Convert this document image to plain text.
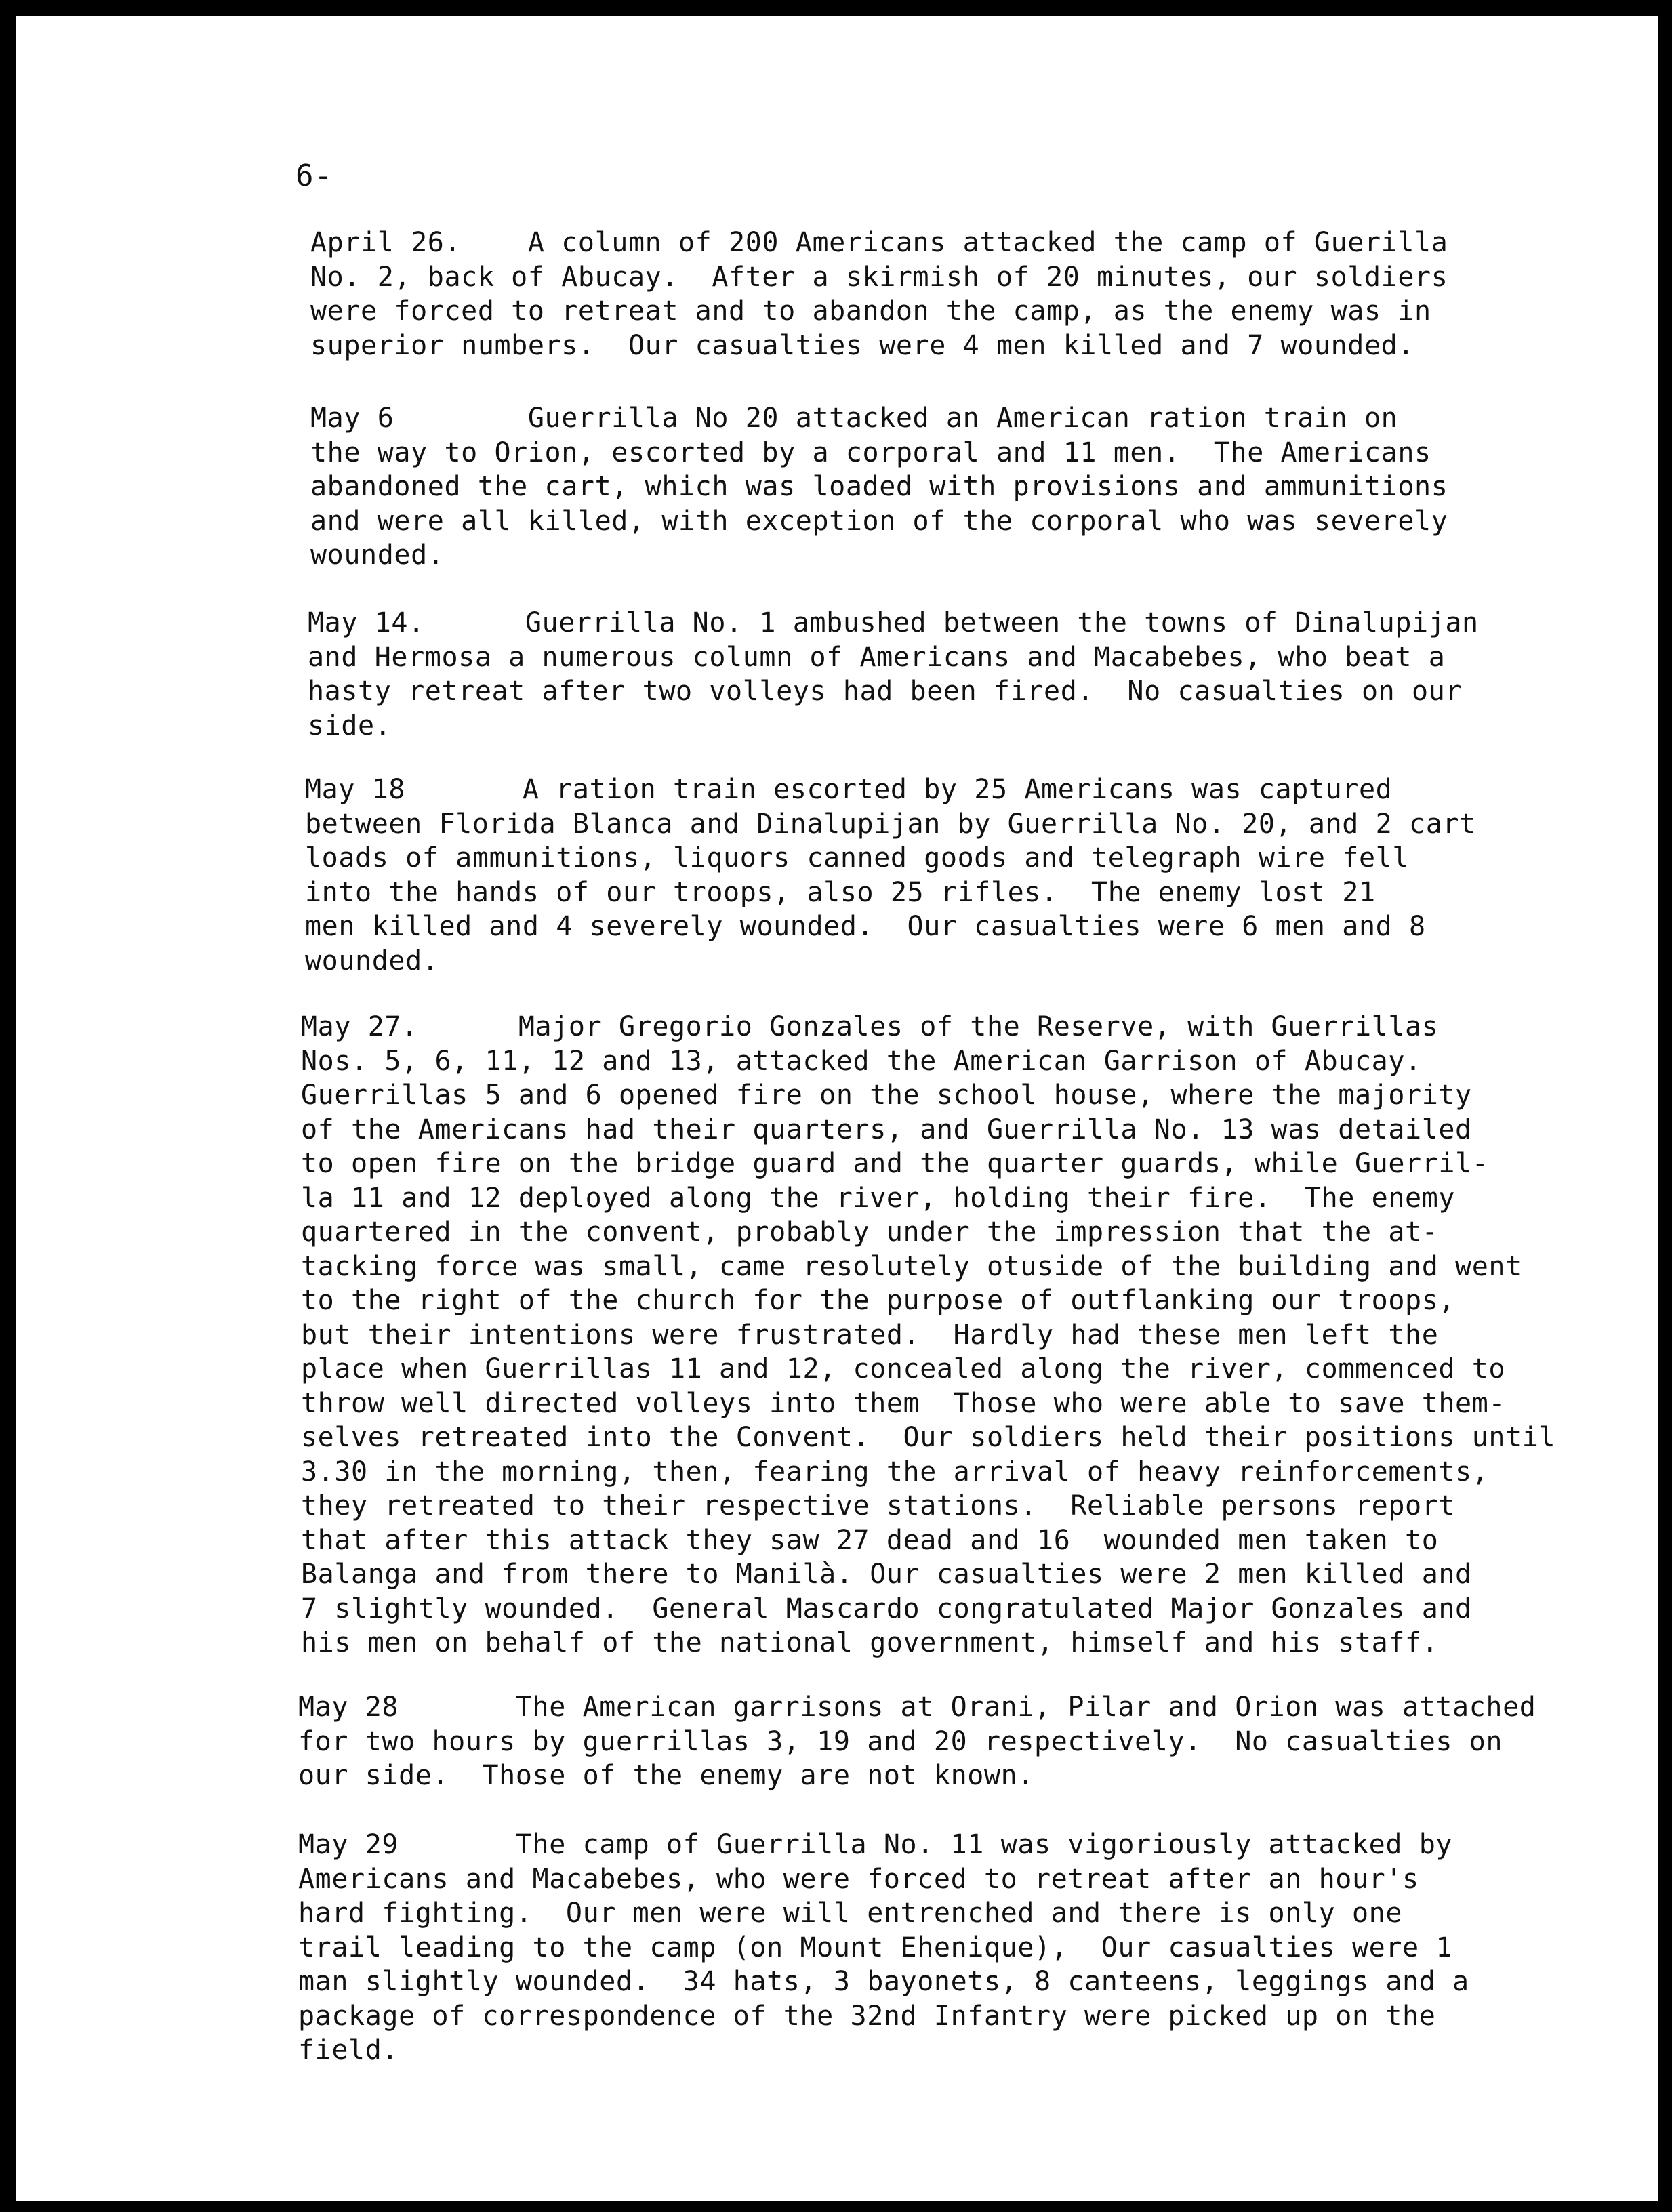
6-

April 26.    A column of 200 Americans attacked the camp of Guerilla
No. 2, back of Abucay.  After a skirmish of 20 minutes, our soldiers
were forced to retreat and to abandon the camp, as the enemy was in
superior numbers.  Our casualties were 4 men killed and 7 wounded.
May 6        Guerrilla No 20 attacked an American ration train on
the way to Orion, escorted by a corporal and 11 men.  The Americans
abandoned the cart, which was loaded with provisions and ammunitions
and were all killed, with exception of the corporal who was severely
wounded.
May 14.      Guerrilla No. 1 ambushed between the towns of Dinalupijan
and Hermosa a numerous column of Americans and Macabebes, who beat a
hasty retreat after two volleys had been fired.  No casualties on our
side.
May 18       A ration train escorted by 25 Americans was captured
between Florida Blanca and Dinalupijan by Guerrilla No. 20, and 2 cart
loads of ammunitions, liquors canned goods and telegraph wire fell
into the hands of our troops, also 25 rifles.  The enemy lost 21
men killed and 4 severely wounded.  Our casualties were 6 men and 8
wounded.
May 27.      Major Gregorio Gonzales of the Reserve, with Guerrillas
Nos. 5, 6, 11, 12 and 13, attacked the American Garrison of Abucay.
Guerrillas 5 and 6 opened fire on the school house, where the majority
of the Americans had their quarters, and Guerrilla No. 13 was detailed
to open fire on the bridge guard and the quarter guards, while Guerril-
la 11 and 12 deployed along the river, holding their fire.  The enemy
quartered in the convent, probably under the impression that the at-
tacking force was small, came resolutely otuside of the building and went
to the right of the church for the purpose of outflanking our troops,
but their intentions were frustrated.  Hardly had these men left the
place when Guerrillas 11 and 12, concealed along the river, commenced to
throw well directed volleys into them  Those who were able to save them-
selves retreated into the Convent.  Our soldiers held their positions until
3.30 in the morning, then, fearing the arrival of heavy reinforcements,
they retreated to their respective stations.  Reliable persons report
that after this attack they saw 27 dead and 16  wounded men taken to
Balanga and from there to Manilà. Our casualties were 2 men killed and
7 slightly wounded.  General Mascardo congratulated Major Gonzales and
his men on behalf of the national government, himself and his staff.
May 28       The American garrisons at Orani, Pilar and Orion was attached
for two hours by guerrillas 3, 19 and 20 respectively.  No casualties on
our side.  Those of the enemy are not known.
May 29       The camp of Guerrilla No. 11 was vigoriously attacked by
Americans and Macabebes, who were forced to retreat after an hour's
hard fighting.  Our men were will entrenched and there is only one
trail leading to the camp (on Mount Ehenique),  Our casualties were 1
man slightly wounded.  34 hats, 3 bayonets, 8 canteens, leggings and a
package of correspondence of the 32nd Infantry were picked up on the
field.
